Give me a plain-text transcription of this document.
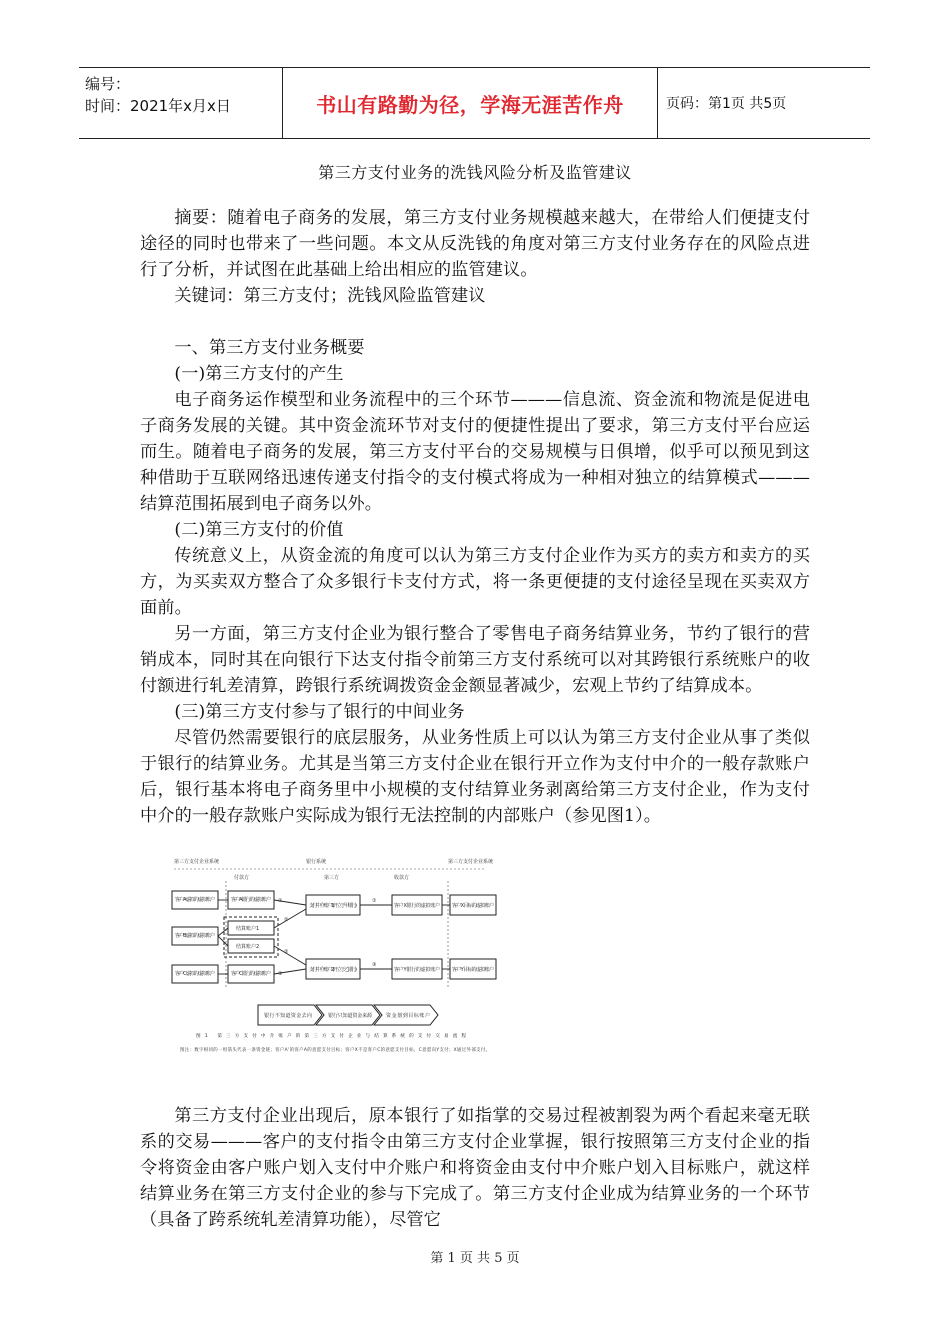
编号：
时间：2021年x月x日	书山有路勤为径，学海无涯苦作舟	页码：第1页 共5页
第三方支付业务的洗钱风险分析及监管建议

摘要：随着电子商务的发展，第三方支付业务规模越来越大，在带给人们便捷支付途径的同时也带来了一些问题。本文从反洗钱的角度对第三方支付业务存在的风险点进行了分析，并试图在此基础上给出相应的监管建议。

关键词：第三方支付；洗钱风险监管建议

一、第三方支付业务概要

(一)第三方支付的产生

电子商务运作模型和业务流程中的三个环节———信息流、资金流和物流是促进电子商务发展的关键。其中资金流环节对支付的便捷性提出了要求，第三方支付平台应运而生。随着电子商务的发展，第三方支付平台的交易规模与日俱增，似乎可以预见到这种借助于互联网络迅速传递支付指令的支付模式将成为一种相对独立的结算模式———结算范围拓展到电子商务以外。

(二)第三方支付的价值

传统意义上，从资金流的角度可以认为第三方支付企业作为买方的卖方和卖方的买方，为买卖双方整合了众多银行卡支付方式，将一条更便捷的支付途径呈现在买卖双方面前。

另一方面，第三方支付企业为银行整合了零售电子商务结算业务，节约了银行的营销成本，同时其在向银行下达支付指令前第三方支付系统可以对其跨银行系统账户的收付额进行轧差清算，跨银行系统调拨资金金额显著减少，宏观上节约了结算成本。

(三)第三方支付参与了银行的中间业务

尽管仍然需要银行的底层服务，从业务性质上可以认为第三方支付企业从事了类似于银行的结算业务。尤其是当第三方支付企业在银行开立作为支付中介的一般存款账户后，银行基本将电子商务里中小规模的支付结算业务剥离给第三方支付企业，作为支付中介的一般存款账户实际成为银行无法控制的内部账户（参见图1）。

第三方支付企业系统	银行系统	第三方支付企业系统
付款方	第三方	收款方
客户A虚拟的虚拟账户
客户B虚拟的虚拟账户
客户C虚拟的虚拟账户
客户A银行的虚拟账户
客户C银行的虚拟账户
结算账户1
结算账户2
支付中介账户1(开立于甲银行)
支付中介账户2(开立于乙银行)
客户X银行的虚拟账户
客户Y银行的虚拟账户
客户X目标的虚拟账户
客户Y目标的虚拟账户
①
②
②
③
①
③
银行不知道资金去向	银行只知道资金来源	资金划到目标账户
图1 第三方支付中介账户的第三方支付企业与结算系统的支付交易流程
图注：数字相同的一组箭头代表一条资金链；客户A'的客户A的意愿支付目标；客户X不是客户C的意愿支付目标，C意愿向Y支付；X通过外部支付。

第三方支付企业出现后，原本银行了如指掌的交易过程被割裂为两个看起来毫无联系的交易———客户的支付指令由第三方支付企业掌握，银行按照第三方支付企业的指令将资金由客户账户划入支付中介账户和将资金由支付中介账户划入目标账户，就这样结算业务在第三方支付企业的参与下完成了。第三方支付企业成为结算业务的一个环节（具备了跨系统轧差清算功能），尽管它

第 1 页 共 5 页
